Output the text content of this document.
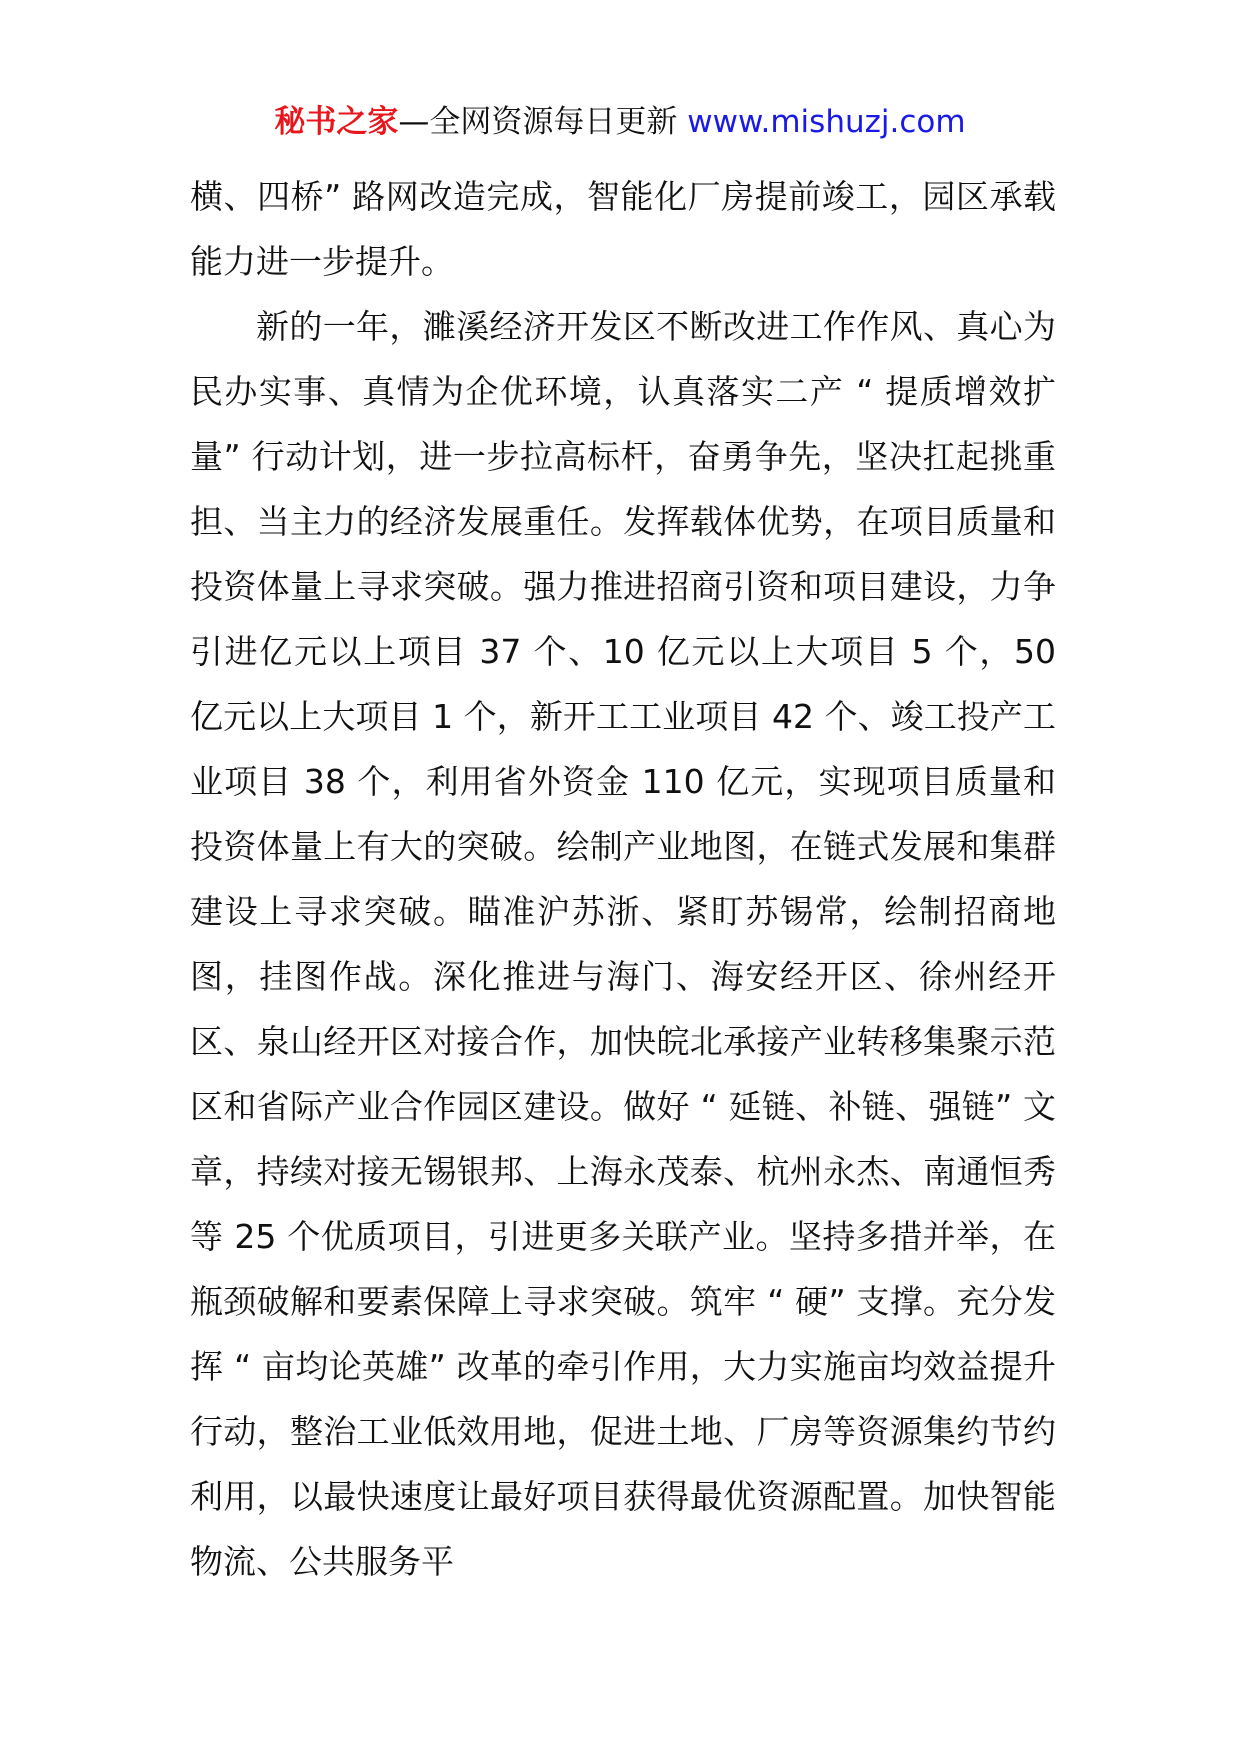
秘书之家—全网资源每日更新 www.mishuzj.com

横、四桥” 路网改造完成，智能化厂房提前竣工，园区承载能力进一步提升。

新的一年，濉溪经济开发区不断改进工作作风、真心为民办实事、真情为企优环境，认真落实二产 “ 提质增效扩量” 行动计划，进一步拉高标杆，奋勇争先，坚决扛起挑重担、当主力的经济发展重任。发挥载体优势，在项目质量和投资体量上寻求突破。强力推进招商引资和项目建设，力争引进亿元以上项目 37 个、10 亿元以上大项目 5 个，50 亿元以上大项目 1 个，新开工工业项目 42 个、竣工投产工业项目 38 个，利用省外资金 110 亿元，实现项目质量和投资体量上有大的突破。绘制产业地图，在链式发展和集群建设上寻求突破。瞄准沪苏浙、紧盯苏锡常，绘制招商地图，挂图作战。深化推进与海门、海安经开区、徐州经开区、泉山经开区对接合作，加快皖北承接产业转移集聚示范区和省际产业合作园区建设。做好 “ 延链、补链、强链” 文章，持续对接无锡银邦、上海永茂泰、杭州永杰、南通恒秀等 25 个优质项目，引进更多关联产业。坚持多措并举，在瓶颈破解和要素保障上寻求突破。筑牢 “ 硬” 支撑。充分发挥 “ 亩均论英雄” 改革的牵引作用，大力实施亩均效益提升行动，整治工业低效用地，促进土地、厂房等资源集约节约利用，以最快速度让最好项目获得最优资源配置。加快智能物流、公共服务平
